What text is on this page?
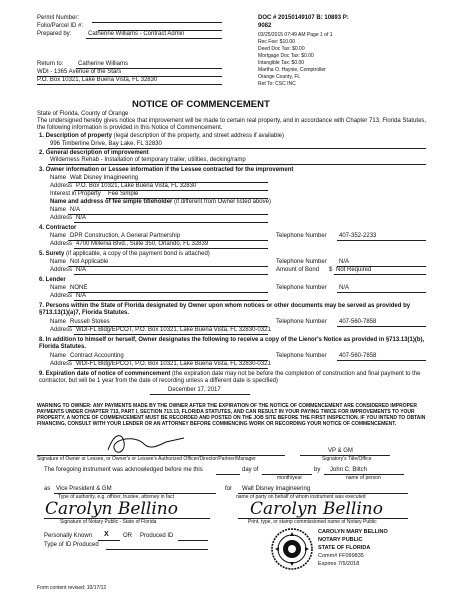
Permit Number:
Folio/Parcel ID #:
Prepared by:	Catherine Williams - Contract Admin
Return to: Catherine Williams
WDI - 1365 Avenue of the Stars
P.O. Box 10321, Lake Buena Vista, FL 32830
DOC # 20150149107 B: 10893 P:
9082
03/25/2015 07:49 AM Page 1 of 1
Rec Fee: $10.00
Deed Doc Tax: $0.00
Mortgage Doc Tax: $0.00
Intangible Tax: $0.00
Martha O. Haynie, Comptroller
Orange County, FL
Ret To: CSC INC
NOTICE OF COMMENCEMENT
State of Florida, County of Orange
The undersigned hereby gives notice that improvement will be made to certain real property, and in accordance with Chapter 713, Florida Statutes, the following information is provided in this Notice of Commencement.
1. Description of property (legal description of the property, and street address if available)
996 Timberline Drive, Bay Lake, FL 32830
2. General description of improvement
Wilderness Rehab - Installation of temporary trailer, utilities, decking/ramp
3. Owner information or Lessee information if the Lessee contracted for the improvement
Name Walt Disney Imagineering
Address P.O. Box 10321, Lake Buena Vista, FL 32830
Interest in Property Fee Simple
Name and address of fee simple titleholder (if different from Owner listed above)
Name N/A
Address N/A
4. Contractor
Name DPR Construction, A General Partnership	Telephone Number 407-352-2233
Address 4700 Millenia Blvd., Suite 350, Orlando, FL 32839
5. Surety (if applicable, a copy of the payment bond is attached)
Name Not Applicable	Telephone Number N/A
Address N/A	Amount of Bond $ Not Required
6. Lender
Name NONE	Telephone Number N/A
Address N/A
7. Persons within the State of Florida designated by Owner upon whom notices or other documents may be served as provided by §713.13(1)(a)7, Florida Statutes.
Name Russell Stokes	Telephone Number 407-560-7858
Address WDI-FL Bldg/EPCOT, P.O. Box 10321, Lake Buena Vista, FL 32830-0321
8. In addition to himself or herself, Owner designates the following to receive a copy of the Lienor's Notice as provided in §713.13(1)(b), Florida Statutes.
Name Contract Accounting	Telephone Number 407-560-7858
Address WDI-FL Bldg/EPCOT, P.O. Box 10321, Lake Buena Vista, FL 32830-0321
9. Expiration date of notice of commencement (the expiration date may not be before the completion of construction and final payment to the contractor, but will be 1 year from the date of recording unless a different date is specified)
December 17, 2017
WARNING TO OWNER: ANY PAYMENTS MADE BY THE OWNER AFTER THE EXPIRATION OF THE NOTICE OF COMMENCEMENT ARE CONSIDERED IMPROPER PAYMENTS UNDER CHAPTER 713, PART I, SECTION 713.13, FLORIDA STATUTES, AND CAN RESULT IN YOUR PAYING TWICE FOR IMPROVEMENTS TO YOUR PROPERTY. A NOTICE OF COMMENCEMENT MUST BE RECORDED AND POSTED ON THE JOB SITE BEFORE THE FIRST INSPECTION. IF YOU INTEND TO OBTAIN FINANCING, CONSULT WITH YOUR LENDER OR AN ATTORNEY BEFORE COMMENCING WORK OR RECORDING YOUR NOTICE OF COMMENCEMENT.
Signature of Owner or Lessee, or Owner's or Lessee's Authorized Officer/Director/Partner/Manager
VP & GM
Signatory's Title/Office
The foregoing instrument was acknowledged before me this	day of
month/year
by John C. Blitch
name of person
as Vice President & GM
Type of authority, e.g. officer, trustee, attorney in fact
for Walt Disney Imagineering
name of party on behalf of whom instrument was executed
Carolyn Bellino
Signature of Notary Public - State of Florida
Carolyn Bellino
Print, type, or stamp commissioned name of Notary Public
Personally Known X OR Produced ID
Type of ID Produced
CAROLYN MARY BELLINO
NOTARY PUBLIC
STATE OF FLORIDA
Comm# FF099835
Expires 7/5/2018
Form content revised: 10/17/12
